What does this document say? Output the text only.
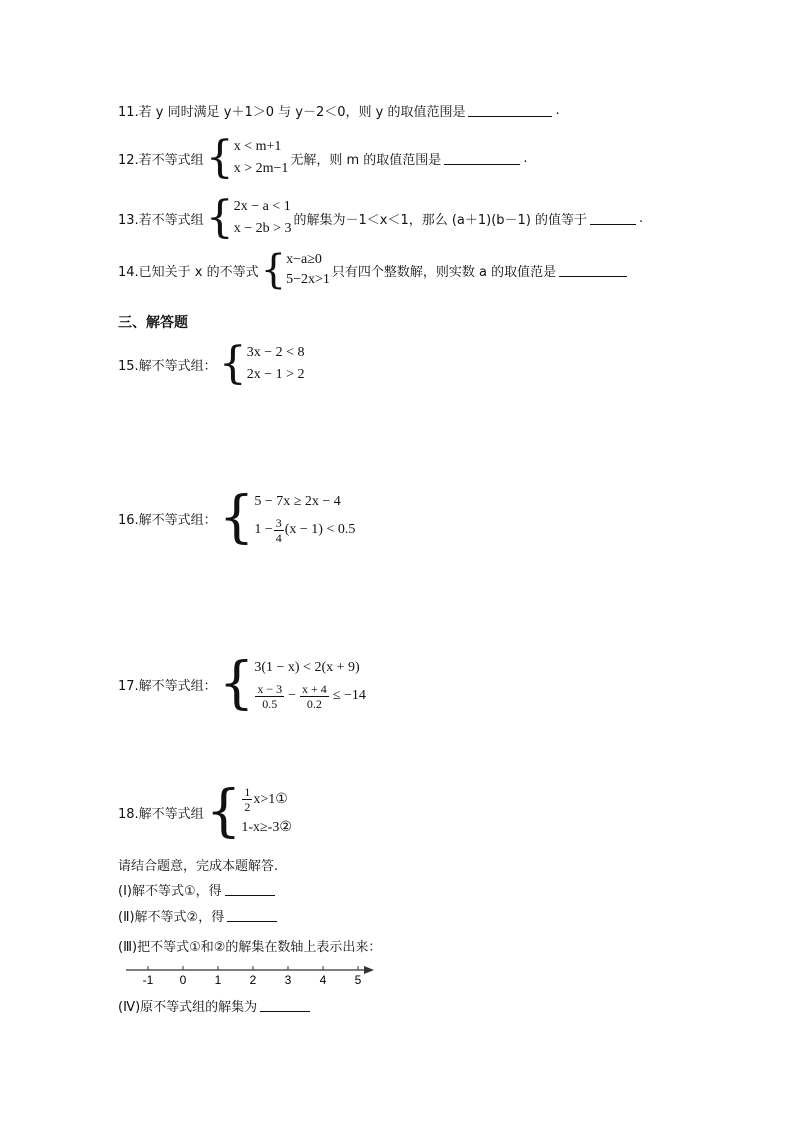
11.若 y 同时满足 y＋1＞0 与 y－2＜0，则 y 的取值范围是	.
12.若不等式组 { x < m+1
x > 2m−1
无解，则 m 的取值范围是	.
13.若不等式组 { 2x − a < 1
x − 2b > 3
的解集为－1＜x＜1，那么 (a＋1)(b－1) 的值等于	.
14.已知关于 x 的不等式 { x−a≥0
5−2x>1 只有四个整数解，则实数 a 的取值范是
三、解答题
15.解不等式组： { 3x − 2 < 8
2x − 1 > 2
16.解不等式组： { 5 − 7x ≥ 2x − 4
$1 - \frac{3}{4} (x - 1) < 0.5$
17.解不等式组： { 3(1 − x) < 2(x + 9)
$\frac{x - 3}{0.5} - \frac{x + 4}{0.2} \le -14$
18.解不等式组 { $\frac{1}{2}$ x>1①
1-x≥-3②
请结合题意，完成本题解答.
(Ⅰ)解不等式①，得
(Ⅱ)解不等式②，得
(Ⅲ)把不等式①和②的解集在数轴上表示出来：
-1 0 1 2 3 4 5
(Ⅳ)原不等式组的解集为
